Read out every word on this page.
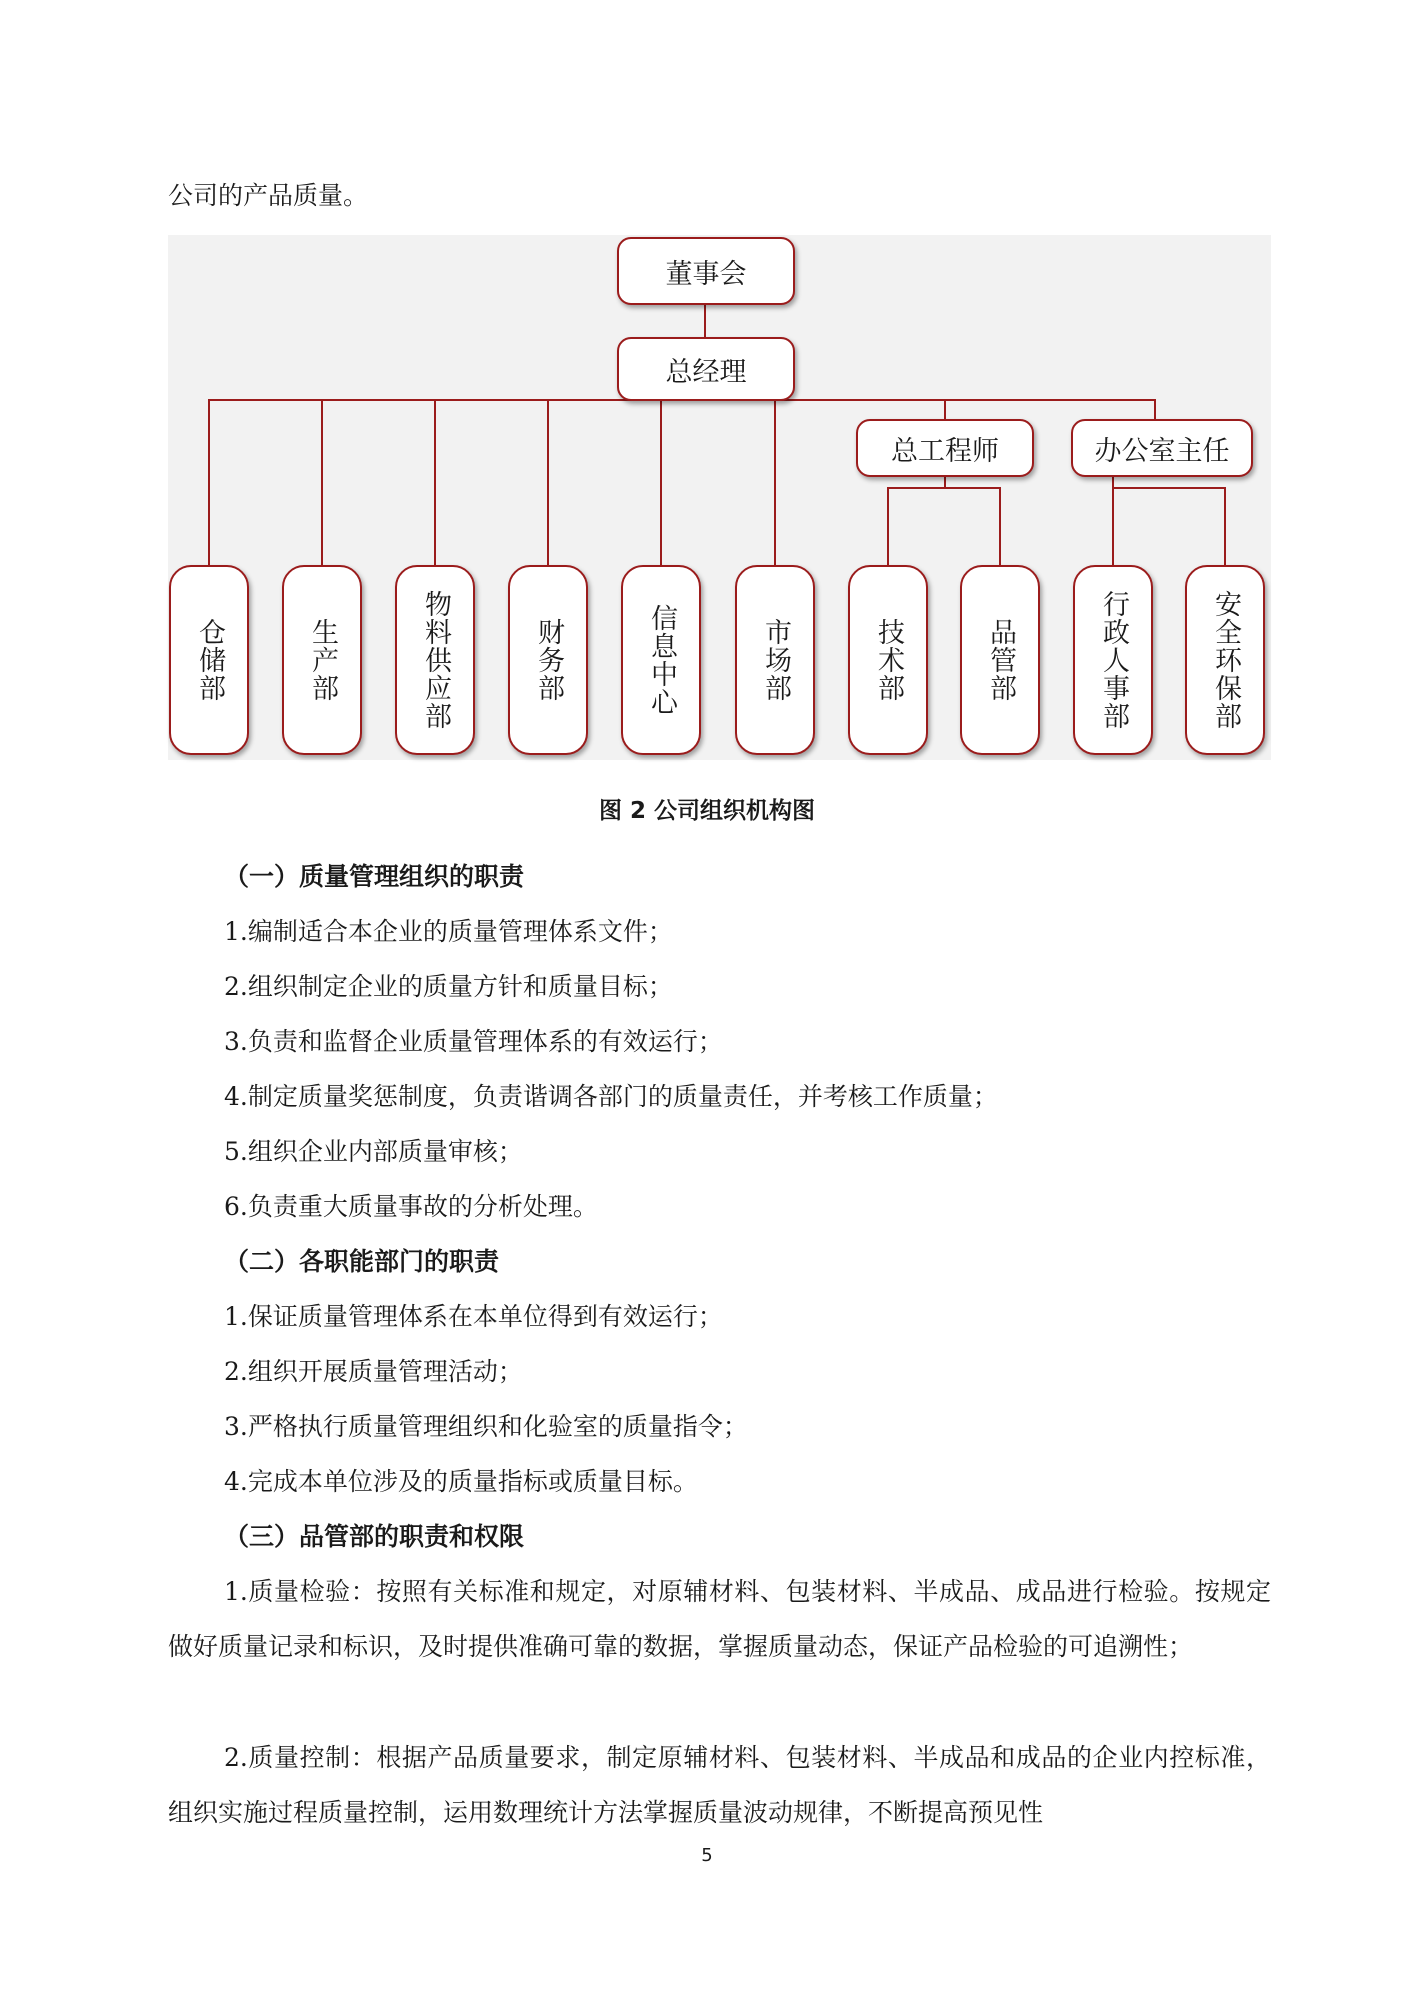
公司的产品质量。

董事会
总经理
总工程师	办公室主任
仓储部	生产部	物料供应部	财务部	信息中心	市场部	技术部	品管部	行政人事部	安全环保部
图 2 公司组织机构图

（一）质量管理组织的职责

1.编制适合本企业的质量管理体系文件；

2.组织制定企业的质量方针和质量目标；

3.负责和监督企业质量管理体系的有效运行；

4.制定质量奖惩制度，负责谐调各部门的质量责任，并考核工作质量；

5.组织企业内部质量审核；

6.负责重大质量事故的分析处理。

（二）各职能部门的职责

1.保证质量管理体系在本单位得到有效运行；

2.组织开展质量管理活动；

3.严格执行质量管理组织和化验室的质量指令；

4.完成本单位涉及的质量指标或质量目标。

（三）品管部的职责和权限

1.质量检验：按照有关标准和规定，对原辅材料、包装材料、半成品、成品进行检验。按规定做好质量记录和标识，及时提供准确可靠的数据，掌握质量动态，保证产品检验的可追溯性；

2.质量控制：根据产品质量要求，制定原辅材料、包装材料、半成品和成品的企业内控标准，组织实施过程质量控制，运用数理统计方法掌握质量波动规律，不断提高预见性

5
